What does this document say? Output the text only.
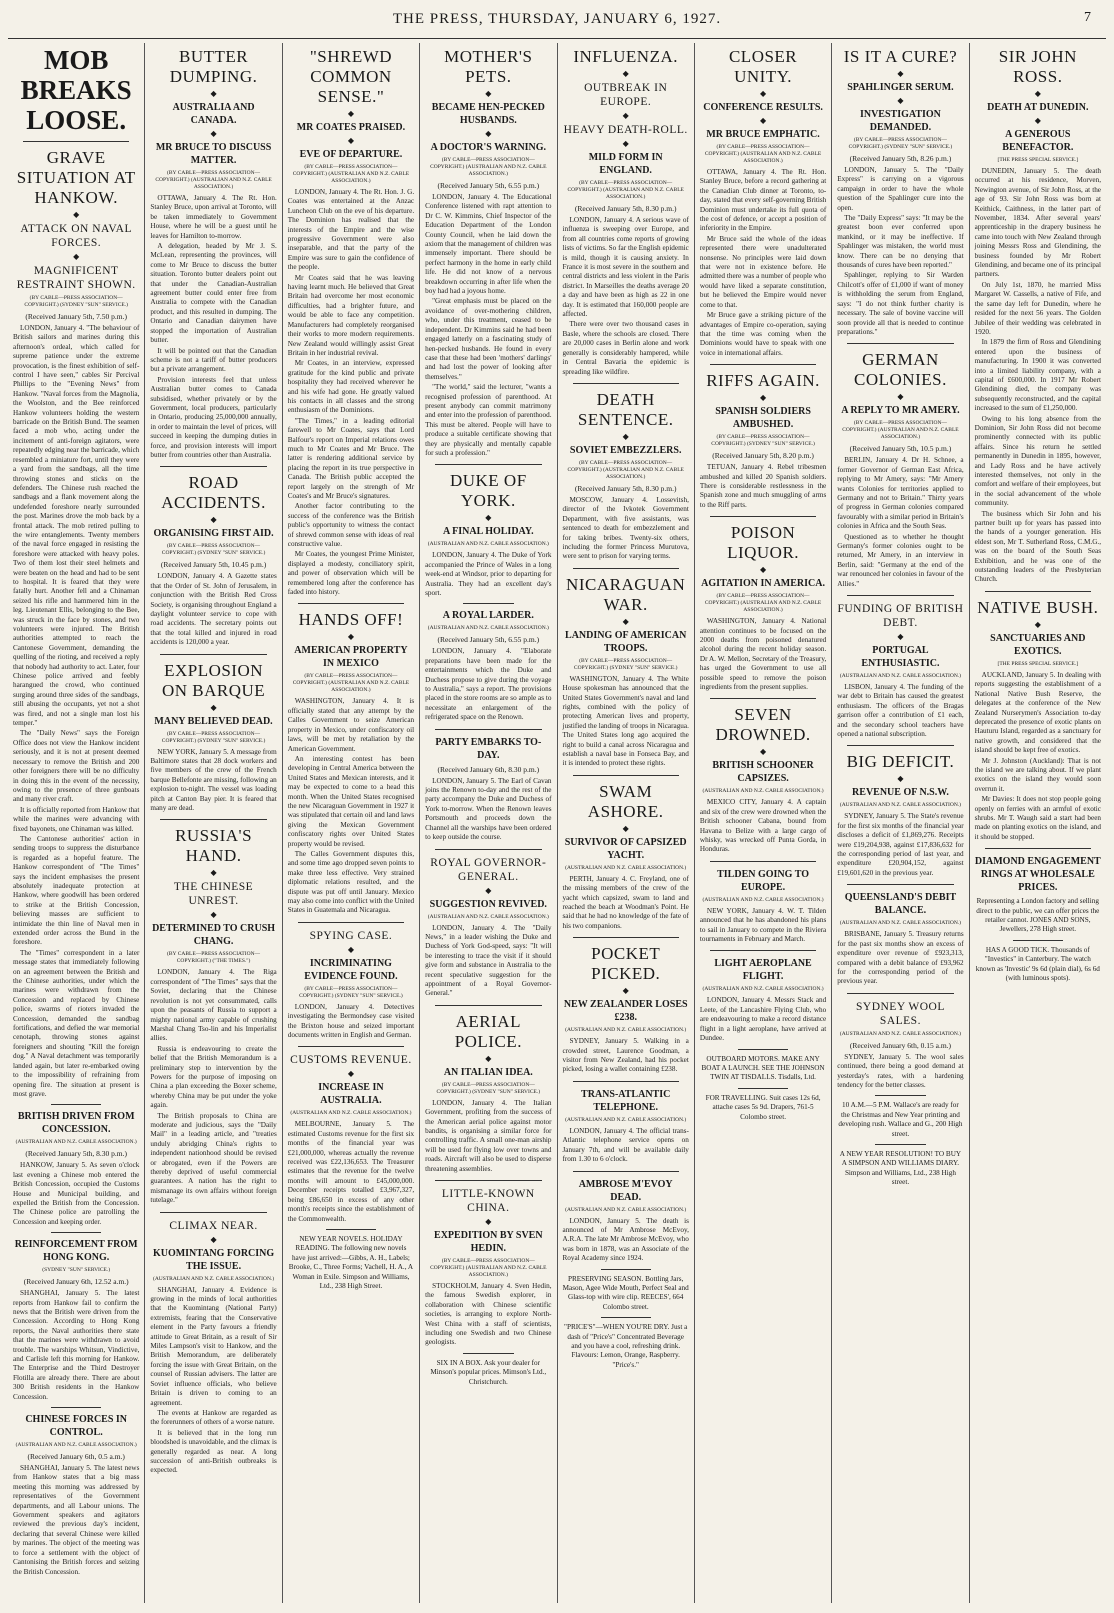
THE PRESS, THURSDAY, JANUARY 6, 1927.	7
MOB BREAKS LOOSE.
GRAVE SITUATION AT HANKOW.
◆
ATTACK ON NAVAL FORCES.
◆
MAGNIFICENT RESTRAINT SHOWN.
(BY CABLE—PRESS ASSOCIATION—COPYRIGHT.) (SYDNEY "SUN" SERVICE.)
(Received January 5th, 7.50 p.m.)
LONDON, January 4. "The behaviour of British sailors and marines during this afternoon's ordeal, which called for supreme patience under the extreme provocation, is the finest exhibition of self-control I have seen," cables Sir Percival Phillips to the "Evening News" from Hankow. "Naval forces from the Magnolia, the Woolston, and the Bee reinforced Hankow volunteers holding the western barricade on the British Bund. The seamen faced a mob who, acting under the incitement of anti-foreign agitators, were repeatedly edging near the barricade, which resembled a miniature fort, until they were a yard from the sandbags, all the time throwing stones and sticks on the defenders. The Chinese rush reached the sandbags and a flank movement along the undefended foreshore nearly surrounded the post. Marines drove the mob back by a frontal attack. The mob retired pulling to the wire entanglements. Twenty members of the naval force engaged in resisting the foreshore were attacked with heavy poles. Two of them lost their steel helmets and were beaten on the head and had to be sent to hospital. It is feared that they were fatally hurt. Another fell and a Chinaman seized his rifle and hammered him in the leg. Lieutenant Ellis, belonging to the Bee, was struck in the face by stones, and two volunteers were injured. The British authorities attempted to reach the Cantonese Government, demanding the quelling of the rioting, and received a reply that nobody had authority to act. Later, four Chinese police arrived and feebly harangued the crowd, who continued surging around three sides of the sandbags, still abusing the occupants, yet not a shot was fired, and not a single man lost his temper."
The "Daily News" says the Foreign Office does not view the Hankow incident seriously, and it is not at present deemed necessary to remove the British and 200 other foreigners there will be no difficulty in doing this in the event of the necessity, owing to the presence of three gunboats and many river craft.
It is officially reported from Hankow that while the marines were advancing with fixed bayonets, one Chinaman was killed.
The Cantonese authorities' action in sending troops to suppress the disturbance is regarded as a hopeful feature. The Hankow correspondent of "The Times" says the incident emphasises the present absolutely inadequate protection at Hankow, where goodwill has been ordered to strike at the British Concession, believing masses are sufficient to intimidate the thin line of Naval men in extended order across the Bund in the foreshore.
The "Times" correspondent in a later message states that immediately following on an agreement between the British and the Chinese authorities, under which the marines were withdrawn from the Concession and replaced by Chinese police, swarms of rioters invaded the Concession, demanded the sandbag fortifications, and defied the war memorial cenotaph, throwing stones against foreigners and shouting "Kill the foreign dog." A Naval detachment was temporarily landed again, but later re-embarked owing to the impossibility of refraining from opening fire. The situation at present is most grave.
BRITISH DRIVEN FROM CONCESSION.
(AUSTRALIAN AND N.Z. CABLE ASSOCIATION.)
(Received January 5th, 8.30 p.m.)
HANKOW, January 5. As seven o'clock last evening a Chinese mob entered the British Concession, occupied the Customs House and Municipal building, and expelled the British from the Concession. The Chinese police are patrolling the Concession and keeping order.
REINFORCEMENT FROM HONG KONG.
(SYDNEY "SUN" SERVICE.)
(Received January 6th, 12.52 a.m.)
SHANGHAI, January 5. The latest reports from Hankow fail to confirm the news that the British were driven from the Concession. According to Hong Kong reports, the Naval authorities there state that the marines were withdrawn to avoid trouble. The warships Whitsun, Vindictive, and Carlisle left this morning for Hankow. The Enterprise and the Third Destroyer Flotilla are already there. There are about 300 British residents in the Hankow Concession.
CHINESE FORCES IN CONTROL.
(AUSTRALIAN AND N.Z. CABLE ASSOCIATION.)
(Received January 6th, 0.5 a.m.)
SHANGHAI, January 5. The latest news from Hankow states that a big mass meeting this morning was addressed by representatives of the Government departments, and all Labour unions. The Government speakers and agitators reviewed the previous day's incident, declaring that several Chinese were killed by marines. The object of the meeting was to force a settlement with the object of Cantonising the British forces and seizing the British Concession.
BUTTER DUMPING.
◆
AUSTRALIA AND CANADA.
◆
MR BRUCE TO DISCUSS MATTER.
(BY CABLE—PRESS ASSOCIATION—COPYRIGHT.) (AUSTRALIAN AND N.Z. CABLE ASSOCIATION.)
OTTAWA, January 4. The Rt. Hon. Stanley Bruce, upon arrival at Toronto, will be taken immediately to Government House, where he will be a guest until he leaves for Hamilton to-morrow.
A delegation, headed by Mr J. S. McLean, representing the provinces, will come to Mr Bruce to discuss the butter situation. Toronto butter dealers point out that under the Canadian-Australian agreement butter could enter free from Australia to compete with the Canadian product, and this resulted in dumping. The Ontario and Canadian dairymen have stopped the importation of Australian butter.
It will be pointed out that the Canadian scheme is not a tariff of butter producers but a private arrangement.
Provision interests feel that unless Australian butter comes to Canada subsidised, whether privately or by the Government, local producers, particularly in Ontario, producing 25,000,000 annually, in order to maintain the level of prices, will succeed in keeping the dumping duties in force, and provision interests will import butter from countries other than Australia.
ROAD ACCIDENTS.
◆
ORGANISING FIRST AID.
(BY CABLE—PRESS ASSOCIATION—COPYRIGHT.) (SYDNEY "SUN" SERVICE.)
(Received January 5th, 10.45 p.m.)
LONDON, January 4. A Gazette states that the Order of St. John of Jerusalem, in conjunction with the British Red Cross Society, is organising throughout England a daylight volunteer service to cope with road accidents. The secretary points out that the total killed and injured in road accidents is 120,000 a year.
EXPLOSION ON BARQUE
◆
MANY BELIEVED DEAD.
(BY CABLE—PRESS ASSOCIATION—COPYRIGHT.) (SYDNEY "SUN" SERVICE.)
NEW YORK, January 5. A message from Baltimore states that 28 dock workers and five members of the crew of the French barque Bellefonte are missing, following an explosion to-night. The vessel was loading pitch at Canton Bay pier. It is feared that many are dead.
RUSSIA'S HAND.
◆
THE CHINESE UNREST.
◆
DETERMINED TO CRUSH CHANG.
(BY CABLE—PRESS ASSOCIATION—COPYRIGHT.) ("THE TIMES.")
LONDON, January 4. The Riga correspondent of "The Times" says that the Soviet, declaring that the Chinese revolution is not yet consummated, calls upon the peasants of Russia to support a mighty national army capable of crushing Marshal Chang Tso-lin and his Imperialist allies.
Russia is endeavouring to create the belief that the British Memorandum is a preliminary step to intervention by the Powers for the purpose of imposing on China a plan exceeding the Boxer scheme, whereby China may be put under the yoke again.
The British proposals to China are moderate and judicious, says the "Daily Mail" in a leading article, and "treaties unduly abridging China's rights to independent nationhood should be revised or abrogated, even if the Powers are thereby deprived of useful commercial guarantees. A nation has the right to mismanage its own affairs without foreign tutelage."
CLIMAX NEAR.
◆
KUOMINTANG FORCING THE ISSUE.
(AUSTRALIAN AND N.Z. CABLE ASSOCIATION.)
SHANGHAI, January 4. Evidence is growing in the minds of local authorities that the Kuomintang (National Party) extremists, fearing that the Conservative element in the Party favours a friendly attitude to Great Britain, as a result of Sir Miles Lampson's visit to Hankow, and the British Memorandum, are deliberately forcing the issue with Great Britain, on the counsel of Russian advisers. The latter are Soviet influence officials, who believe Britain is driven to coming to an agreement.
The events at Hankow are regarded as the forerunners of others of a worse nature.
It is believed that in the long run bloodshed is unavoidable, and the climax is generally regarded as near. A long succession of anti-British outbreaks is expected.
"SHREWD COMMON SENSE."
◆
MR COATES PRAISED.
◆
EVE OF DEPARTURE.
(BY CABLE—PRESS ASSOCIATION—COPYRIGHT.) (AUSTRALIAN AND N.Z. CABLE ASSOCIATION.)
LONDON, January 4. The Rt. Hon. J. G. Coates was entertained at the Anzac Luncheon Club on the eve of his departure. The Dominion has realised that the interests of the Empire and the wise progressive Government were also inseparable, and that the party of the Empire was sure to gain the confidence of the people.
Mr Coates said that he was leaving having learnt much. He believed that Great Britain had overcome her most economic difficulties, had a brighter future, and would be able to face any competition. Manufacturers had completely reorganised their works to more modern requirements. New Zealand would willingly assist Great Britain in her industrial revival.
Mr Coates, in an interview, expressed gratitude for the kind public and private hospitality they had received wherever he and his wife had gone. He greatly valued his contacts in all classes and the strong enthusiasm of the Dominions.
"The Times," in a leading editorial farewell to Mr Coates, says that Lord Balfour's report on Imperial relations owes much to Mr Coates and Mr Bruce. The latter is rendering additional service by placing the report in its true perspective in Canada. The British public accepted the report largely on the strength of Mr Coates's and Mr Bruce's signatures.
Another factor contributing to the success of the conference was the British public's opportunity to witness the contact of shrewd common sense with ideas of real constructive value.
Mr Coates, the youngest Prime Minister, displayed a modesty, conciliatory spirit, and power of observation which will be remembered long after the conference has faded into history.
HANDS OFF!
◆
AMERICAN PROPERTY IN MEXICO
(BY CABLE—PRESS ASSOCIATION—COPYRIGHT.) (AUSTRALIAN AND N.Z. CABLE ASSOCIATION.)
WASHINGTON, January 4. It is officially stated that any attempt by the Calles Government to seize American property in Mexico, under confiscatory oil laws, will be met by retaliation by the American Government.
An interesting contest has been developing in Central America between the United States and Mexican interests, and it may be expected to come to a head this month. When the United States recognised the new Nicaraguan Government in 1927 it was stipulated that certain oil and land laws giving the Mexican Government confiscatory rights over United States property would be revised.
The Calles Government disputes this, and some time ago dropped seven points to make three less effective. Very strained diplomatic relations resulted, and the dispute was put off until January. Mexico may also come into conflict with the United States in Guatemala and Nicaragua.
SPYING CASE.
◆
INCRIMINATING EVIDENCE FOUND.
(BY CABLE—PRESS ASSOCIATION—COPYRIGHT.) (SYDNEY "SUN" SERVICE.)
LONDON, January 4. Detectives investigating the Bermondsey case visited the Brixton house and seized important documents written in English and German.
CUSTOMS REVENUE.
◆
INCREASE IN AUSTRALIA.
(AUSTRALIAN AND N.Z. CABLE ASSOCIATION.)
MELBOURNE, January 5. The estimated Customs revenue for the first six months of the financial year was £21,000,000, whereas actually the revenue received was £22,136,653. The Treasurer estimates that the revenue for the twelve months will amount to £45,000,000. December receipts totalled £3,967,327, being £86,650 in excess of any other month's receipts since the establishment of the Commonwealth.
NEW YEAR NOVELS. HOLIDAY READING. The following new novels have just arrived:—Gibbs, A. H., Labels; Brooke, C., Three Forms; Vachell, H. A., A Woman in Exile. Simpson and Williams, Ltd., 238 High Street.
MOTHER'S PETS.
◆
BECAME HEN-PECKED HUSBANDS.
◆
A DOCTOR'S WARNING.
(BY CABLE—PRESS ASSOCIATION—COPYRIGHT.) (AUSTRALIAN AND N.Z. CABLE ASSOCIATION.)
(Received January 5th, 6.55 p.m.)
LONDON, January 4. The Educational Conference listened with rapt attention to Dr C. W. Kimmins, Chief Inspector of the Education Department of the London County Council, when he laid down the axiom that the management of children was immensely important. There should be perfect harmony in the home in early child life. He did not know of a nervous breakdown occurring in after life when the boy had had a joyous home.
"Great emphasis must be placed on the avoidance of over-mothering children, who, under this treatment, ceased to be independent. Dr Kimmins said he had been engaged latterly on a fascinating study of hen-pecked husbands. He found in every case that these had been 'mothers' darlings' and had lost the power of looking after themselves."
"The world," said the lecturer, "wants a recognised profession of parenthood. At present anybody can commit matrimony and enter into the profession of parenthood. This must be altered. People will have to produce a suitable certificate showing that they are physically and mentally capable for such a profession."
DUKE OF YORK.
◆
A FINAL HOLIDAY.
(AUSTRALIAN AND N.Z. CABLE ASSOCIATION.)
LONDON, January 4. The Duke of York accompanied the Prince of Wales in a long week-end at Windsor, prior to departing for Australia. They had an excellent day's sport.
A ROYAL LARDER.
(AUSTRALIAN AND N.Z. CABLE ASSOCIATION.)
(Received January 5th, 6.55 p.m.)
LONDON, January 4. "Elaborate preparations have been made for the entertainments which the Duke and Duchess propose to give during the voyage to Australia," says a report. The provisions placed in the store rooms are so ample as to necessitate an enlargement of the refrigerated space on the Renown.
PARTY EMBARKS TO-DAY.
(Received January 6th, 8.30 p.m.)
LONDON, January 5. The Earl of Cavan joins the Renown to-day and the rest of the party accompany the Duke and Duchess of York to-morrow. When the Renown leaves Portsmouth and proceeds down the Channel all the warships have been ordered to keep outside the course.
ROYAL GOVERNOR-GENERAL.
◆
SUGGESTION REVIVED.
(AUSTRALIAN AND N.Z. CABLE ASSOCIATION.)
LONDON, January 4. The "Daily News," in a leader wishing the Duke and Duchess of York God-speed, says: "It will be interesting to trace the visit if it should give form and substance in Australia to the recent speculative suggestion for the appointment of a Royal Governor-General."
AERIAL POLICE.
◆
AN ITALIAN IDEA.
(BY CABLE—PRESS ASSOCIATION—COPYRIGHT.) (SYDNEY "SUN" SERVICE.)
LONDON, January 4. The Italian Government, profiting from the success of the American aerial police against motor bandits, is organising a similar force for controlling traffic. A small one-man airship will be used for flying low over towns and roads. Aircraft will also be used to disperse threatening assemblies.
LITTLE-KNOWN CHINA.
◆
EXPEDITION BY SVEN HEDIN.
(BY CABLE—PRESS ASSOCIATION—COPYRIGHT.) (AUSTRALIAN AND N.Z. CABLE ASSOCIATION.)
STOCKHOLM, January 4. Sven Hedin, the famous Swedish explorer, in collaboration with Chinese scientific societies, is arranging to explore North-West China with a staff of scientists, including one Swedish and two Chinese geologists.
SIX IN A BOX. Ask your dealer for Minson's popular prices. Mimson's Ltd., Christchurch.
INFLUENZA.
◆
OUTBREAK IN EUROPE.
◆
HEAVY DEATH-ROLL.
◆
MILD FORM IN ENGLAND.
(BY CABLE—PRESS ASSOCIATION—COPYRIGHT.) (AUSTRALIAN AND N.Z. CABLE ASSOCIATION.)
(Received January 5th, 8.30 p.m.)
LONDON, January 4. A serious wave of influenza is sweeping over Europe, and from all countries come reports of growing lists of victims. So far the English epidemic is mild, though it is causing anxiety. In France it is most severe in the southern and central districts and less violent in the Paris district. In Marseilles the deaths average 20 a day and have been as high as 22 in one day. It is estimated that 160,000 people are affected.
There were over two thousand cases in Basle, where the schools are closed. There are 20,000 cases in Berlin alone and work generally is considerably hampered, while in Central Bavaria the epidemic is spreading like wildfire.
DEATH SENTENCE.
◆
SOVIET EMBEZZLERS.
(BY CABLE—PRESS ASSOCIATION—COPYRIGHT.) (AUSTRALIAN AND N.Z. CABLE ASSOCIATION.)
(Received January 5th, 8.30 p.m.)
MOSCOW, January 4. Lossevitsh, director of the Ivkotek Government Department, with five assistants, was sentenced to death for embezzlement and for taking bribes. Twenty-six others, including the former Princess Murutova, were sent to prison for varying terms.
NICARAGUAN WAR.
◆
LANDING OF AMERICAN TROOPS.
(BY CABLE—PRESS ASSOCIATION—COPYRIGHT.) (SYDNEY "SUN" SERVICE.)
WASHINGTON, January 4. The White House spokesman has announced that the United States Government's naval and land rights, combined with the policy of protecting American lives and property, justified the landing of troops in Nicaragua. The United States long ago acquired the right to build a canal across Nicaragua and establish a naval base in Fonseca Bay, and it is intended to protect these rights.
SWAM ASHORE.
◆
SURVIVOR OF CAPSIZED YACHT.
(AUSTRALIAN AND N.Z. CABLE ASSOCIATION.)
PERTH, January 4. C. Freyland, one of the missing members of the crew of the yacht which capsized, swam to land and reached the beach at Woodman's Point. He said that he had no knowledge of the fate of his two companions.
POCKET PICKED.
◆
NEW ZEALANDER LOSES £238.
(AUSTRALIAN AND N.Z. CABLE ASSOCIATION.)
SYDNEY, January 5. Walking in a crowded street, Laurence Goodman, a visitor from New Zealand, had his pocket picked, losing a wallet containing £238.
TRANS-ATLANTIC TELEPHONE.
(AUSTRALIAN AND N.Z. CABLE ASSOCIATION.)
LONDON, January 4. The official trans-Atlantic telephone service opens on January 7th, and will be available daily from 1.30 to 6 o'clock.
AMBROSE M'EVOY DEAD.
(AUSTRALIAN AND N.Z. CABLE ASSOCIATION.)
LONDON, January 5. The death is announced of Mr Ambrose McEvoy, A.R.A. The late Mr Ambrose McEvoy, who was born in 1878, was an Associate of the Royal Academy since 1924.
PRESERVING SEASON. Bottling Jars, Mason, Agee Wide Mouth, Perfect Seal and Glass-top with wire clip. REECES', 664 Colombo street.
"PRICE'S"—WHEN YOU'RE DRY. Just a dash of "Price's" Concentrated Beverage and you have a cool, refreshing drink. Flavours: Lemon, Orange, Raspberry. "Price's."
CLOSER UNITY.
◆
CONFERENCE RESULTS.
◆
MR BRUCE EMPHATIC.
(BY CABLE—PRESS ASSOCIATION—COPYRIGHT.) (AUSTRALIAN AND N.Z. CABLE ASSOCIATION.)
OTTAWA, January 4. The Rt. Hon. Stanley Bruce, before a record gathering at the Canadian Club dinner at Toronto, to-day, stated that every self-governing British Dominion must undertake its full quota of the cost of defence, or accept a position of inferiority in the Empire.
Mr Bruce said the whole of the ideas represented there were unadulterated nonsense. No principles were laid down that were not in existence before. He admitted there was a number of people who would have liked a separate constitution, but he believed the Empire would never come to that.
Mr Bruce gave a striking picture of the advantages of Empire co-operation, saying that the time was coming when the Dominions would have to speak with one voice in international affairs.
RIFFS AGAIN.
◆
SPANISH SOLDIERS AMBUSHED.
(BY CABLE—PRESS ASSOCIATION—COPYRIGHT.) (SYDNEY "SUN" SERVICE.)
(Received January 5th, 8.20 p.m.)
TETUAN, January 4. Rebel tribesmen ambushed and killed 20 Spanish soldiers. There is considerable restlessness in the Spanish zone and much smuggling of arms to the Riff parts.
POISON LIQUOR.
◆
AGITATION IN AMERICA.
(BY CABLE—PRESS ASSOCIATION—COPYRIGHT.) (AUSTRALIAN AND N.Z. CABLE ASSOCIATION.)
WASHINGTON, January 4. National attention continues to be focused on the 2000 deaths from poisoned denatured alcohol during the recent holiday season. Dr A. W. Mellon, Secretary of the Treasury, has urged the Government to use all possible speed to remove the poison ingredients from the present supplies.
SEVEN DROWNED.
◆
BRITISH SCHOONER CAPSIZES.
(AUSTRALIAN AND N.Z. CABLE ASSOCIATION.)
MEXICO CITY, January 4. A captain and six of the crew were drowned when the British schooner Cabana, bound from Havana to Belize with a large cargo of whisky, was wrecked off Punta Gorda, in Honduras.
TILDEN GOING TO EUROPE.
(AUSTRALIAN AND N.Z. CABLE ASSOCIATION.)
NEW YORK, January 4. W. T. Tilden announced that he has abandoned his plans to sail in January to compete in the Riviera tournaments in February and March.
LIGHT AEROPLANE FLIGHT.
(AUSTRALIAN AND N.Z. CABLE ASSOCIATION.)
LONDON, January 4. Messrs Stack and Leete, of the Lancashire Flying Club, who are endeavouring to make a record distance flight in a light aeroplane, have arrived at Dundee.
OUTBOARD MOTORS. MAKE ANY BOAT A LAUNCH. SEE THE JOHNSON TWIN AT TISDALLS. Tisdalls, Ltd.
FOR TRAVELLING. Suit cases 12s 6d, attache cases 5s 9d. Drapers, 761-5 Colombo street.
IS IT A CURE?
◆
SPAHLINGER SERUM.
◆
INVESTIGATION DEMANDED.
(BY CABLE—PRESS ASSOCIATION—COPYRIGHT.) (SYDNEY "SUN" SERVICE.)
(Received January 5th, 8.26 p.m.)
LONDON, January 5. The "Daily Express" is carrying on a vigorous campaign in order to have the whole question of the Spahlinger cure into the open.
The "Daily Express" says: "It may be the greatest boon ever conferred upon mankind, or it may be ineffective. If Spahlinger was mistaken, the world must know. There can be no denying that thousands of cures have been reported."
Spahlinger, replying to Sir Warden Chilcott's offer of £1,000 if want of money is withholding the serum from England, says: "I do not think further charity is necessary. The sale of bovine vaccine will soon provide all that is needed to continue preparations."
GERMAN COLONIES.
◆
A REPLY TO MR AMERY.
(BY CABLE—PRESS ASSOCIATION—COPYRIGHT.) (AUSTRALIAN AND N.Z. CABLE ASSOCIATION.)
(Received January 5th, 10.5 p.m.)
BERLIN, January 4. Dr H. Schnee, a former Governor of German East Africa, replying to Mr Amery, says: "Mr Amery wants Colonies for territories applied to Germany and not to Britain." Thirty years of progress in German colonies compared favourably with a similar period in Britain's colonies in Africa and the South Seas.
Questioned as to whether he thought Germany's former colonies ought to be returned, Mr Amery, in an interview in Berlin, said: "Germany at the end of the war renounced her colonies in favour of the Allies."
FUNDING OF BRITISH DEBT.
◆
PORTUGAL ENTHUSIASTIC.
(AUSTRALIAN AND N.Z. CABLE ASSOCIATION.)
LISBON, January 4. The funding of the war debt to Britain has caused the greatest enthusiasm. The officers of the Bragas garrison offer a contribution of £1 each, and the secondary school teachers have opened a national subscription.
BIG DEFICIT.
◆
REVENUE OF N.S.W.
(AUSTRALIAN AND N.Z. CABLE ASSOCIATION.)
SYDNEY, January 5. The State's revenue for the first six months of the financial year discloses a deficit of £1,869,276. Receipts were £19,204,938, against £17,836,632 for the corresponding period of last year, and expenditure £20,904,152, against £19,601,620 in the previous year.
QUEENSLAND'S DEBIT BALANCE.
(AUSTRALIAN AND N.Z. CABLE ASSOCIATION.)
BRISBANE, January 5. Treasury returns for the past six months show an excess of expenditure over revenue of £923,313, compared with a debit balance of £93,962 for the corresponding period of the previous year.
SYDNEY WOOL SALES.
(AUSTRALIAN AND N.Z. CABLE ASSOCIATION.)
(Received January 6th, 0.15 a.m.)
SYDNEY, January 5. The wool sales continued, there being a good demand at yesterday's rates, with a hardening tendency for the better classes.
10 A.M.—5 P.M. Wallace's are ready for the Christmas and New Year printing and developing rush. Wallace and G., 200 High street.
A NEW YEAR RESOLUTION! TO BUY A SIMPSON AND WILLIAMS DIARY. Simpson and Williams, Ltd., 238 High street.
SIR JOHN ROSS.
◆
DEATH AT DUNEDIN.
◆
A GENEROUS BENEFACTOR.
[THE PRESS SPECIAL SERVICE.]
DUNEDIN, January 5. The death occurred at his residence, Morven, Newington avenue, of Sir John Ross, at the age of 93. Sir John Ross was born at Keithick, Caithness, in the latter part of November, 1834. After several years' apprenticeship in the drapery business he came into touch with New Zealand through joining Messrs Ross and Glendining, the business founded by Mr Robert Glendining, and became one of its principal partners.
On July 1st, 1870, he married Miss Margaret W. Cassells, a native of Fife, and the same day left for Dunedin, where he resided for the next 56 years. The Golden Jubilee of their wedding was celebrated in 1920.
In 1879 the firm of Ross and Glendining entered upon the business of manufacturing. In 1900 it was converted into a limited liability company, with a capital of £600,000. In 1917 Mr Robert Glendining died, the company was subsequently reconstructed, and the capital increased to the sum of £1,250,000.
Owing to his long absence from the Dominion, Sir John Ross did not become prominently connected with its public affairs. Since his return he settled permanently in Dunedin in 1895, however, and Lady Ross and he have actively interested themselves, not only in the comfort and welfare of their employees, but in the social advancement of the whole community.
The business which Sir John and his partner built up for years has passed into the hands of a younger generation. His eldest son, Mr T. Sutherland Ross, C.M.G., was on the board of the South Seas Exhibition, and he was one of the outstanding leaders of the Presbyterian Church.
NATIVE BUSH.
◆
SANCTUARIES AND EXOTICS.
[THE PRESS SPECIAL SERVICE.]
AUCKLAND, January 5. In dealing with reports suggesting the establishment of a National Native Bush Reserve, the delegates at the conference of the New Zealand Nurserymen's Association to-day deprecated the presence of exotic plants on Hauturu Island, regarded as a sanctuary for native growth, and considered that the island should be kept free of exotics.
Mr J. Johnston (Auckland): That is not the island we are talking about. If we plant exotics on the island they would soon overrun it.
Mr Davies: It does not stop people going openly on ferries with an armful of exotic shrubs. Mr T. Waugh said a start had been made on planting exotics on the island, and it should be stopped.
DIAMOND ENGAGEMENT RINGS AT WHOLESALE PRICES.
Representing a London factory and selling direct to the public, we can offer prices the retailer cannot. JONES AND SONS, Jewellers, 278 High street.
HAS A GOOD TICK. Thousands of "Investics" in Canterbury. The watch known as 'Investic' 9s 6d (plain dial), 6s 6d (with luminous spots).
